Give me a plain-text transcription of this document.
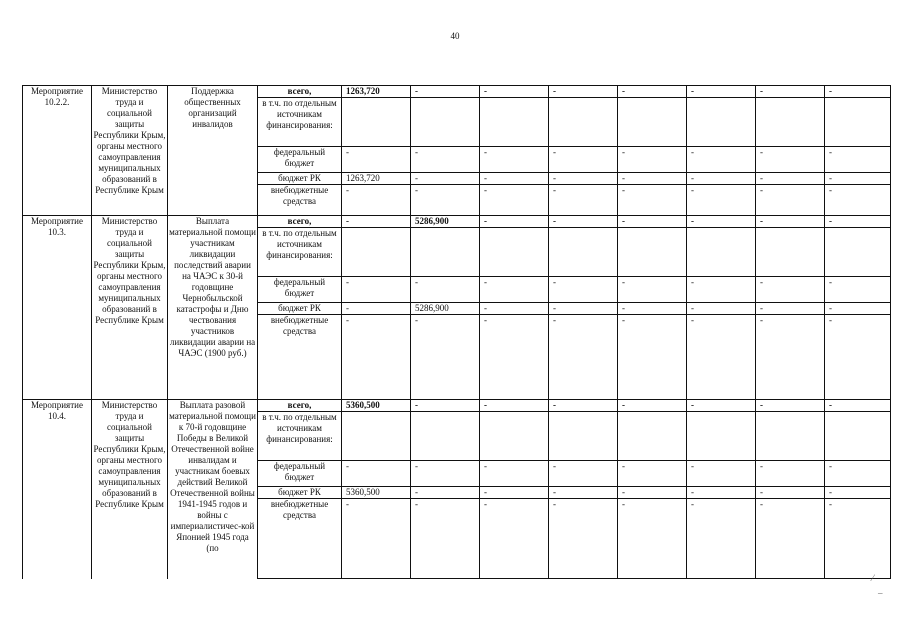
40
Мероприятие 10.2.2.	Министерство труда и социальной защиты Республики Крым, органы местного самоуправления муниципальных образований в Республике Крым	Поддержка общественных организаций инвалидов	всего,	1263,720	-	-	-	-	-	-	-
			в т.ч. по отдельным источникам финансирования:								
			федеральный бюджет	-	-	-	-	-	-	-	-
			бюджет РК	1263,720	-	-	-	-	-	-	-
			внебюджетные средства	-	-	-	-	-	-	-	-
Мероприятие 10.3.	Министерство труда и социальной защиты Республики Крым, органы местного самоуправления муниципальных образований в Республике Крым	Выплата материальной помощи участникам ликвидации последствий аварии на ЧАЭС к 30-й годовщине Чернобыльской катастрофы и Дню чествования участников ликвидации аварии на ЧАЭС (1900 руб.)	всего,	-	5286,900	-	-	-	-	-	-
			в т.ч. по отдельным источникам финансирования:								
			федеральный бюджет	-	-	-	-	-	-	-	-
			бюджет РК	-	5286,900	-	-	-	-	-	-
			внебюджетные средства	-	-	-	-	-	-	-	-
Мероприятие 10.4.	Министерство труда и социальной защиты Республики Крым, органы местного самоуправления муниципальных образований в Республике Крым	Выплата разовой материальной помощи к 70-й годовщине Победы в Великой Отечественной войне инвалидам и участникам боевых действий Великой Отечественной войны 1941-1945 годов и войны с империалистичес-кой Японией 1945 года (по	всего,	5360,500	-	-	-	-	-	-	-
			в т.ч. по отдельным источникам финансирования:								
			федеральный бюджет	-	-	-	-	-	-	-	-
			бюджет РК	5360,500	-	-	-	-	-	-	-
			внебюджетные средства	-	-	-	-	-	-	-	-
⁄
–
